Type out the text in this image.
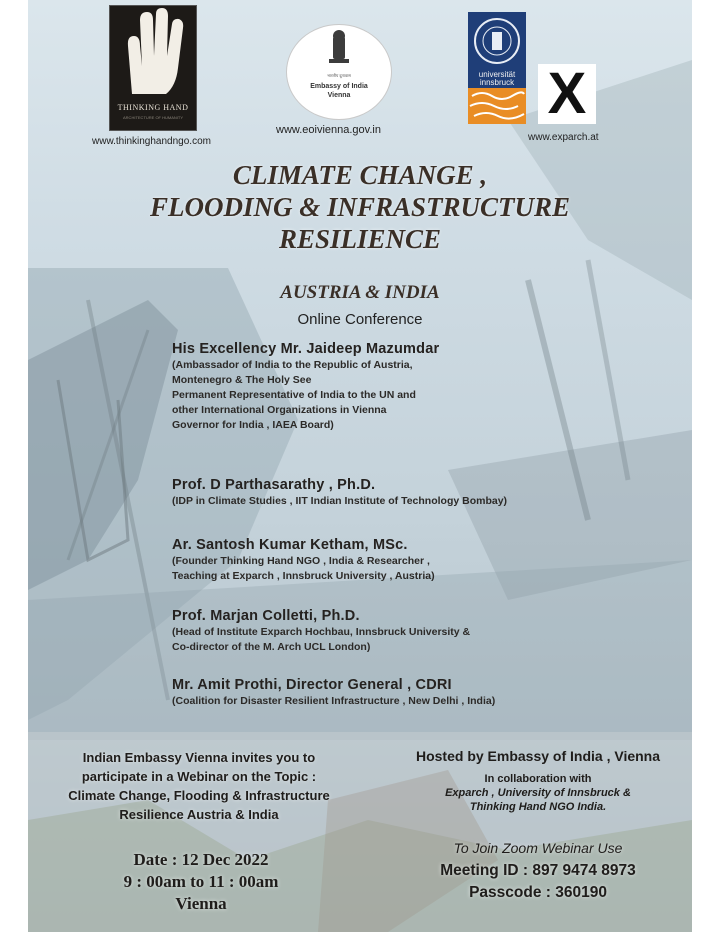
THINKING HAND
ARCHITECTURE OF HUMANITY
www.thinkinghandngo.com
भारतीय दूतावास
Embassy of India
Vienna
www.eoivienna.gov.in
universität
innsbruck X
www.exparch.at
CLIMATE CHANGE ,
FLOODING & INFRASTRUCTURE
RESILIENCE
AUSTRIA & INDIA
Online Conference
His Excellency Mr. Jaideep Mazumdar
(Ambassador of India to the Republic of Austria,
Montenegro & The Holy See
Permanent Representative of India to the UN and
other International Organizations in Vienna
Governor for India , IAEA Board)
Prof. D Parthasarathy , Ph.D.
(IDP in Climate Studies , IIT Indian Institute of Technology Bombay)
Ar. Santosh Kumar Ketham, MSc.
(Founder Thinking Hand NGO , India & Researcher ,
Teaching at Exparch , Innsbruck University , Austria)
Prof. Marjan Colletti, Ph.D.
(Head of Institute Exparch Hochbau, Innsbruck University &
Co-director of the M. Arch UCL London)
Mr. Amit Prothi, Director General , CDRI
(Coalition for Disaster Resilient Infrastructure , New Delhi , India)
Indian Embassy Vienna invites you to
participate in a Webinar on the Topic :
Climate Change, Flooding & Infrastructure
Resilience Austria & India
Date : 12 Dec 2022
9 : 00am to 11 : 00am
Vienna
Hosted by Embassy of India , Vienna
In collaboration with
Exparch , University of Innsbruck &
Thinking Hand NGO India.
To Join Zoom Webinar Use
Meeting ID : 897 9474 8973
Passcode : 360190
